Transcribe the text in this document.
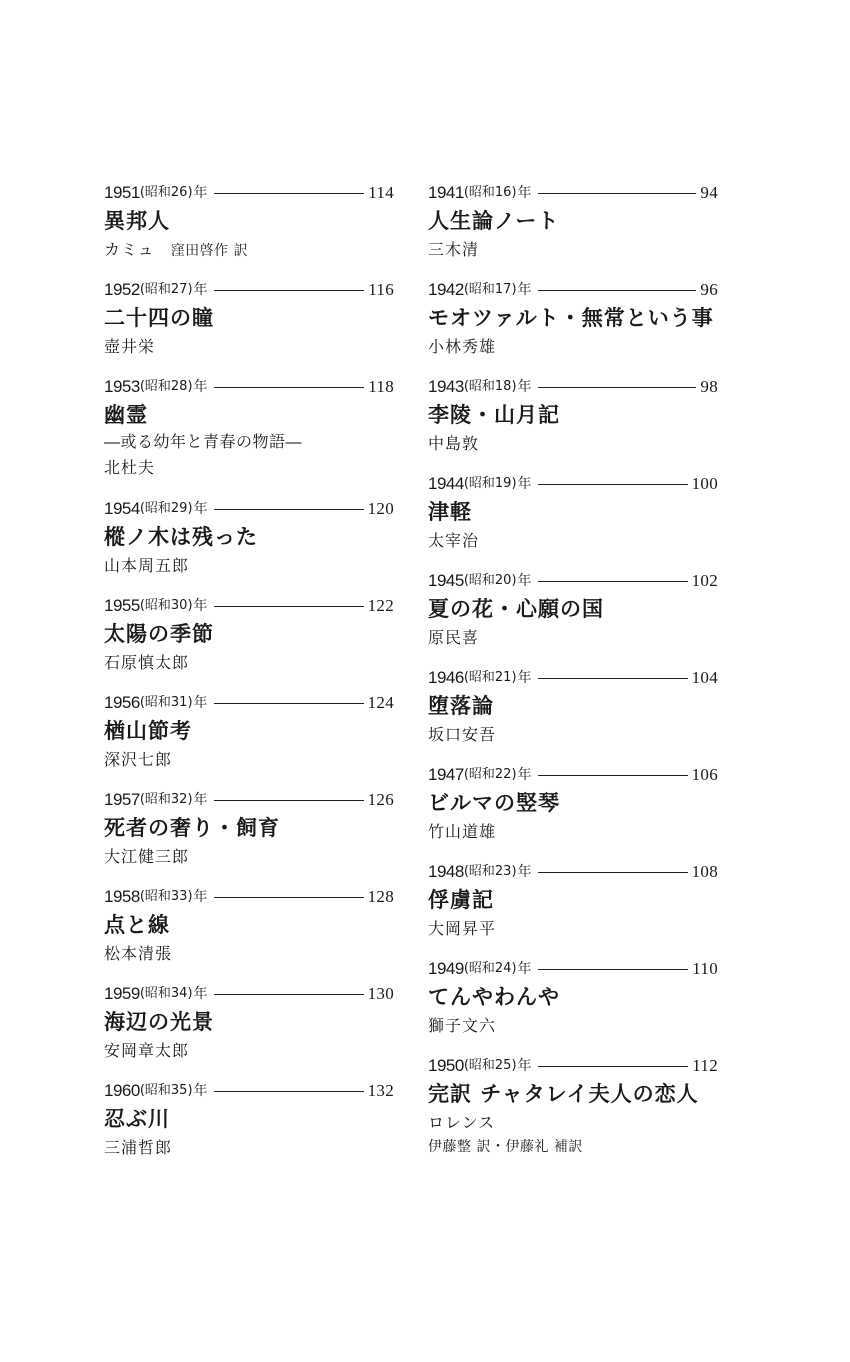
1951 (昭和26) 年	114
異邦人
カミュ 窪田啓作 訳
1952 (昭和27) 年	116
二十四の瞳
壺井栄
1953 (昭和28) 年	118
幽霊
―或る幼年と青春の物語―
北杜夫
1954 (昭和29) 年	120
樅ノ木は残った
山本周五郎
1955 (昭和30) 年	122
太陽の季節
石原慎太郎
1956 (昭和31) 年	124
楢山節考
深沢七郎
1957 (昭和32) 年	126
死者の奢り・飼育
大江健三郎
1958 (昭和33) 年	128
点と線
松本清張
1959 (昭和34) 年	130
海辺の光景
安岡章太郎
1960 (昭和35) 年	132
忍ぶ川
三浦哲郎
1941 (昭和16) 年	94
人生論ノート
三木清
1942 (昭和17) 年	96
モオツァルト・無常という事
小林秀雄
1943 (昭和18) 年	98
李陵・山月記
中島敦
1944 (昭和19) 年	100
津軽
太宰治
1945 (昭和20) 年	102
夏の花・心願の国
原民喜
1946 (昭和21) 年	104
堕落論
坂口安吾
1947 (昭和22) 年	106
ビルマの竪琴
竹山道雄
1948 (昭和23) 年	108
俘虜記
大岡昇平
1949 (昭和24) 年	110
てんやわんや
獅子文六
1950 (昭和25) 年	112
完訳 チャタレイ夫人の恋人
ロレンス
伊藤整 訳・伊藤礼 補訳
